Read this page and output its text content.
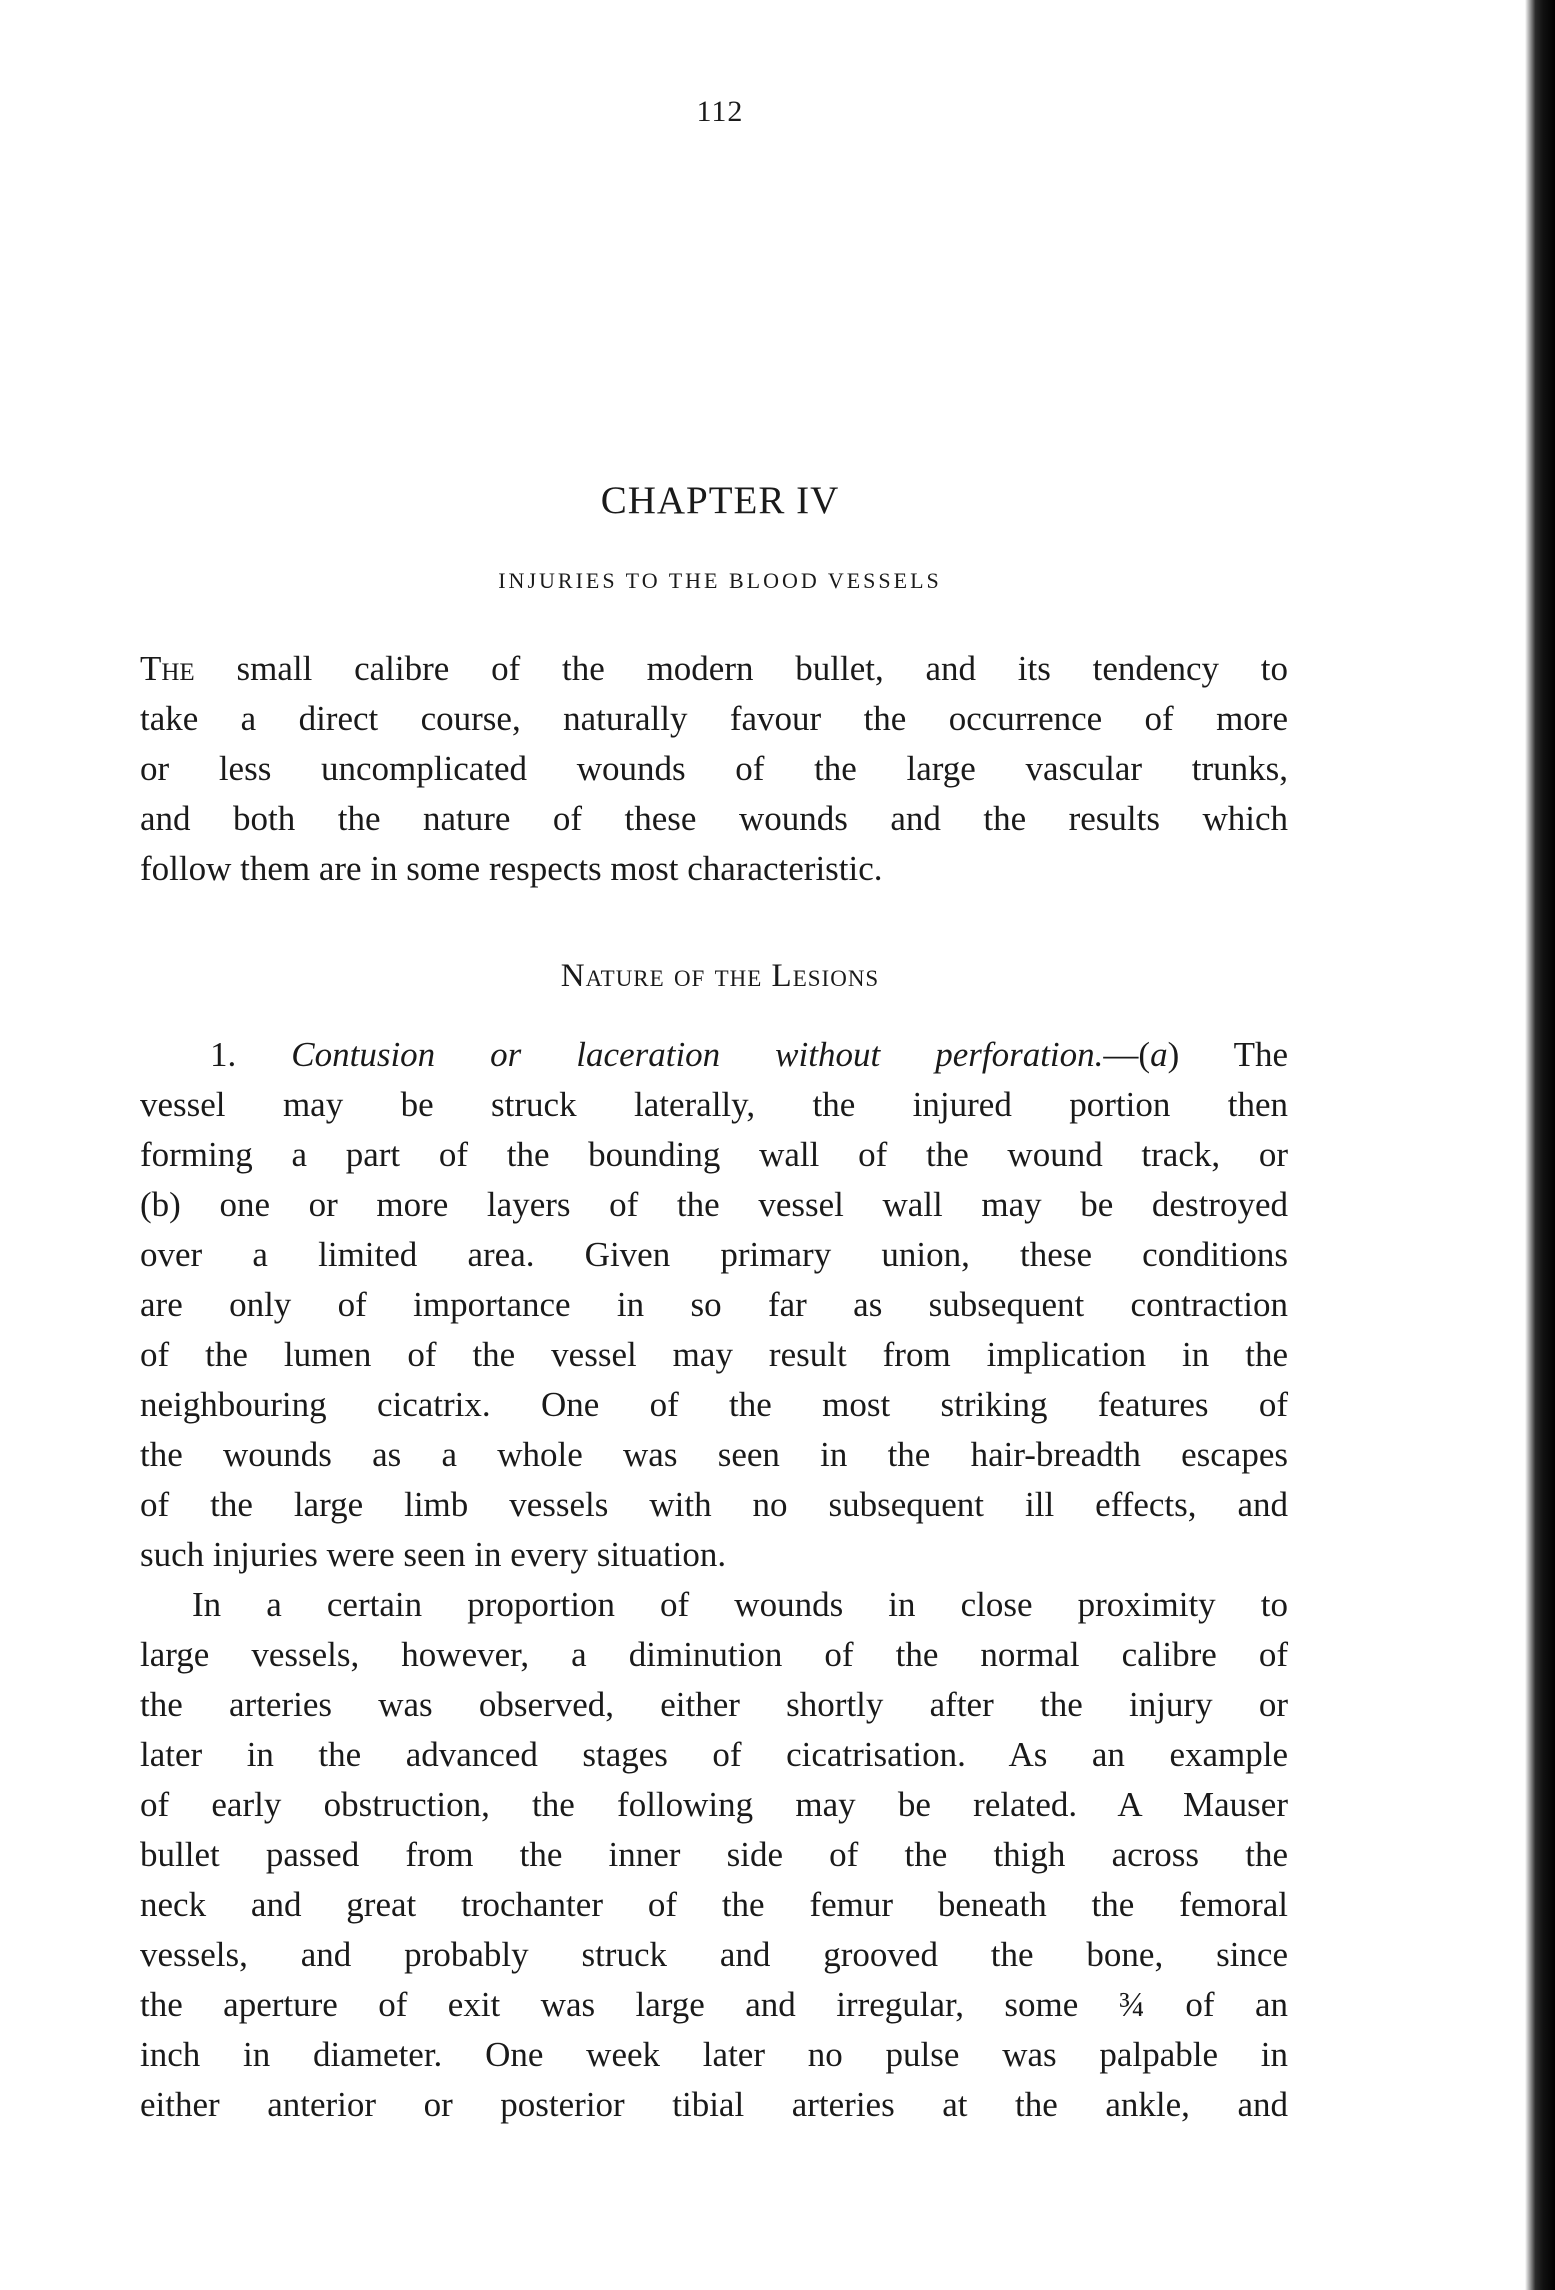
112
CHAPTER IV
INJURIES TO THE BLOOD VESSELS
The small calibre of the modern bullet, and its tendency to
take a direct course, naturally favour the occurrence of more
or less uncomplicated wounds of the large vascular trunks,
and both the nature of these wounds and the results which
follow them are in some respects most characteristic.
Nature of the Lesions
1. Contusion or laceration without perforation.—(a) The
vessel may be struck laterally, the injured portion then
forming a part of the bounding wall of the wound track, or
(b) one or more layers of the vessel wall may be destroyed
over a limited area. Given primary union, these conditions
are only of importance in so far as subsequent contraction
of the lumen of the vessel may result from implication in the
neighbouring cicatrix. One of the most striking features of
the wounds as a whole was seen in the hair-breadth escapes
of the large limb vessels with no subsequent ill effects, and
such injuries were seen in every situation.
In a certain proportion of wounds in close proximity to
large vessels, however, a diminution of the normal calibre of
the arteries was observed, either shortly after the injury or
later in the advanced stages of cicatrisation. As an example
of early obstruction, the following may be related. A Mauser
bullet passed from the inner side of the thigh across the
neck and great trochanter of the femur beneath the femoral
vessels, and probably struck and grooved the bone, since
the aperture of exit was large and irregular, some ¾ of an
inch in diameter. One week later no pulse was palpable in
either anterior or posterior tibial arteries at the ankle, and
